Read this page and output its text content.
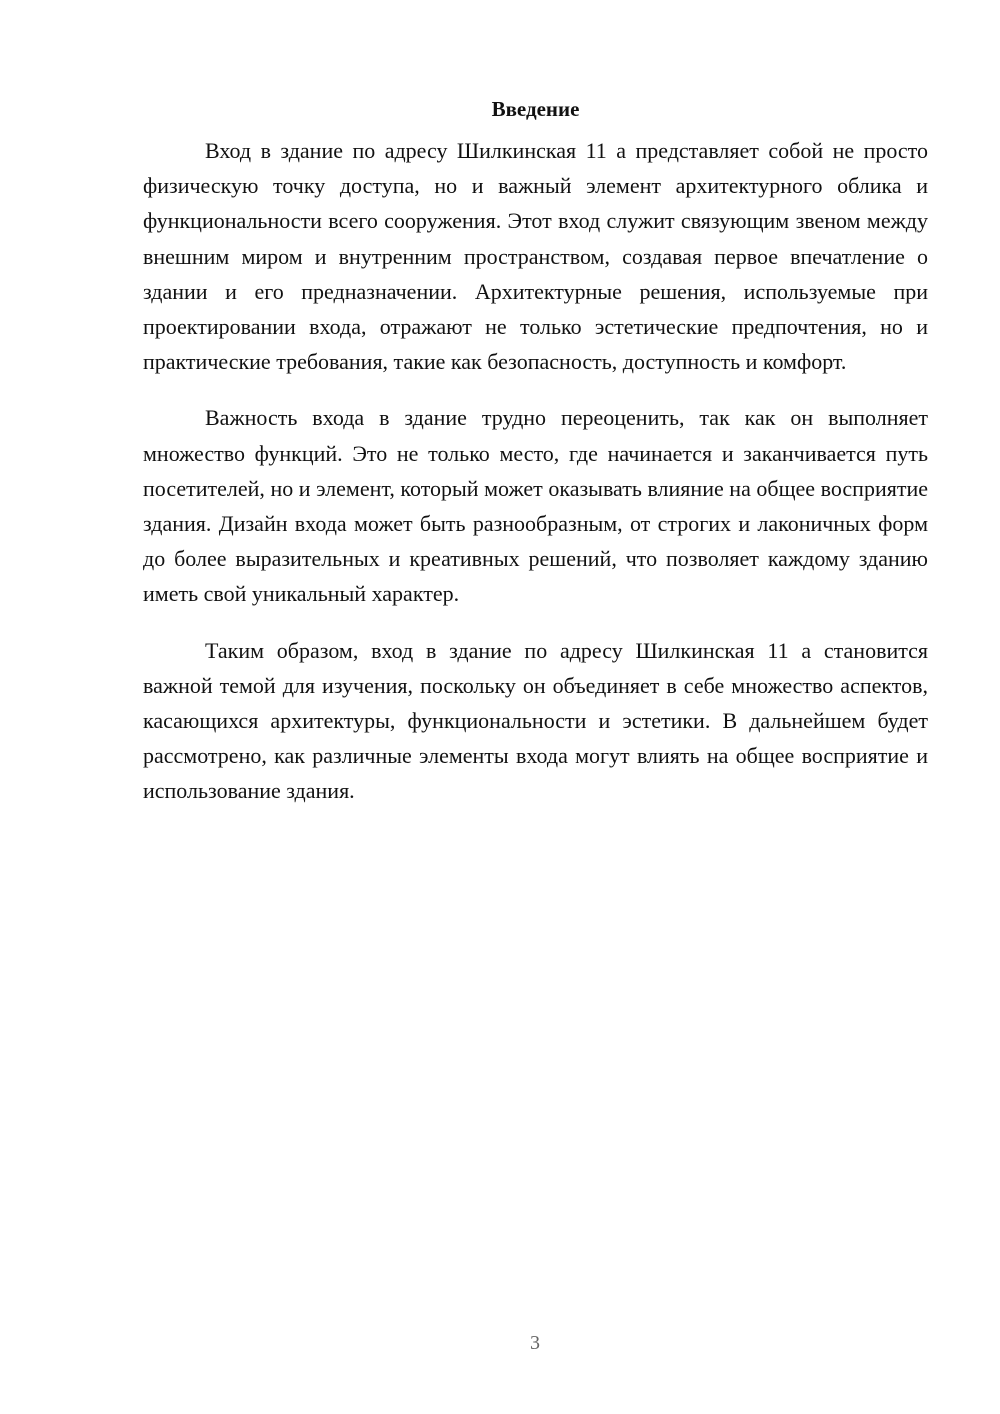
Введение

Вход в здание по адресу Шилкинская 11 а представляет собой не просто физическую точку доступа, но и важный элемент архитектурного облика и функциональности всего сооружения. Этот вход служит связующим звеном между внешним миром и внутренним пространством, создавая первое впечатление о здании и его предназначении. Архитектурные решения, используемые при проектировании входа, отражают не только эстетические предпочтения, но и практические требования, такие как безопасность, доступность и комфорт.

Важность входа в здание трудно переоценить, так как он выполняет множество функций. Это не только место, где начинается и заканчивается путь посетителей, но и элемент, который может оказывать влияние на общее восприятие здания. Дизайн входа может быть разнообразным, от строгих и лаконичных форм до более выразительных и креативных решений, что позволяет каждому зданию иметь свой уникальный характер.

Таким образом, вход в здание по адресу Шилкинская 11 а становится важной темой для изучения, поскольку он объединяет в себе множество аспектов, касающихся архитектуры, функциональности и эстетики. В дальнейшем будет рассмотрено, как различные элементы входа могут влиять на общее восприятие и использование здания.

3
